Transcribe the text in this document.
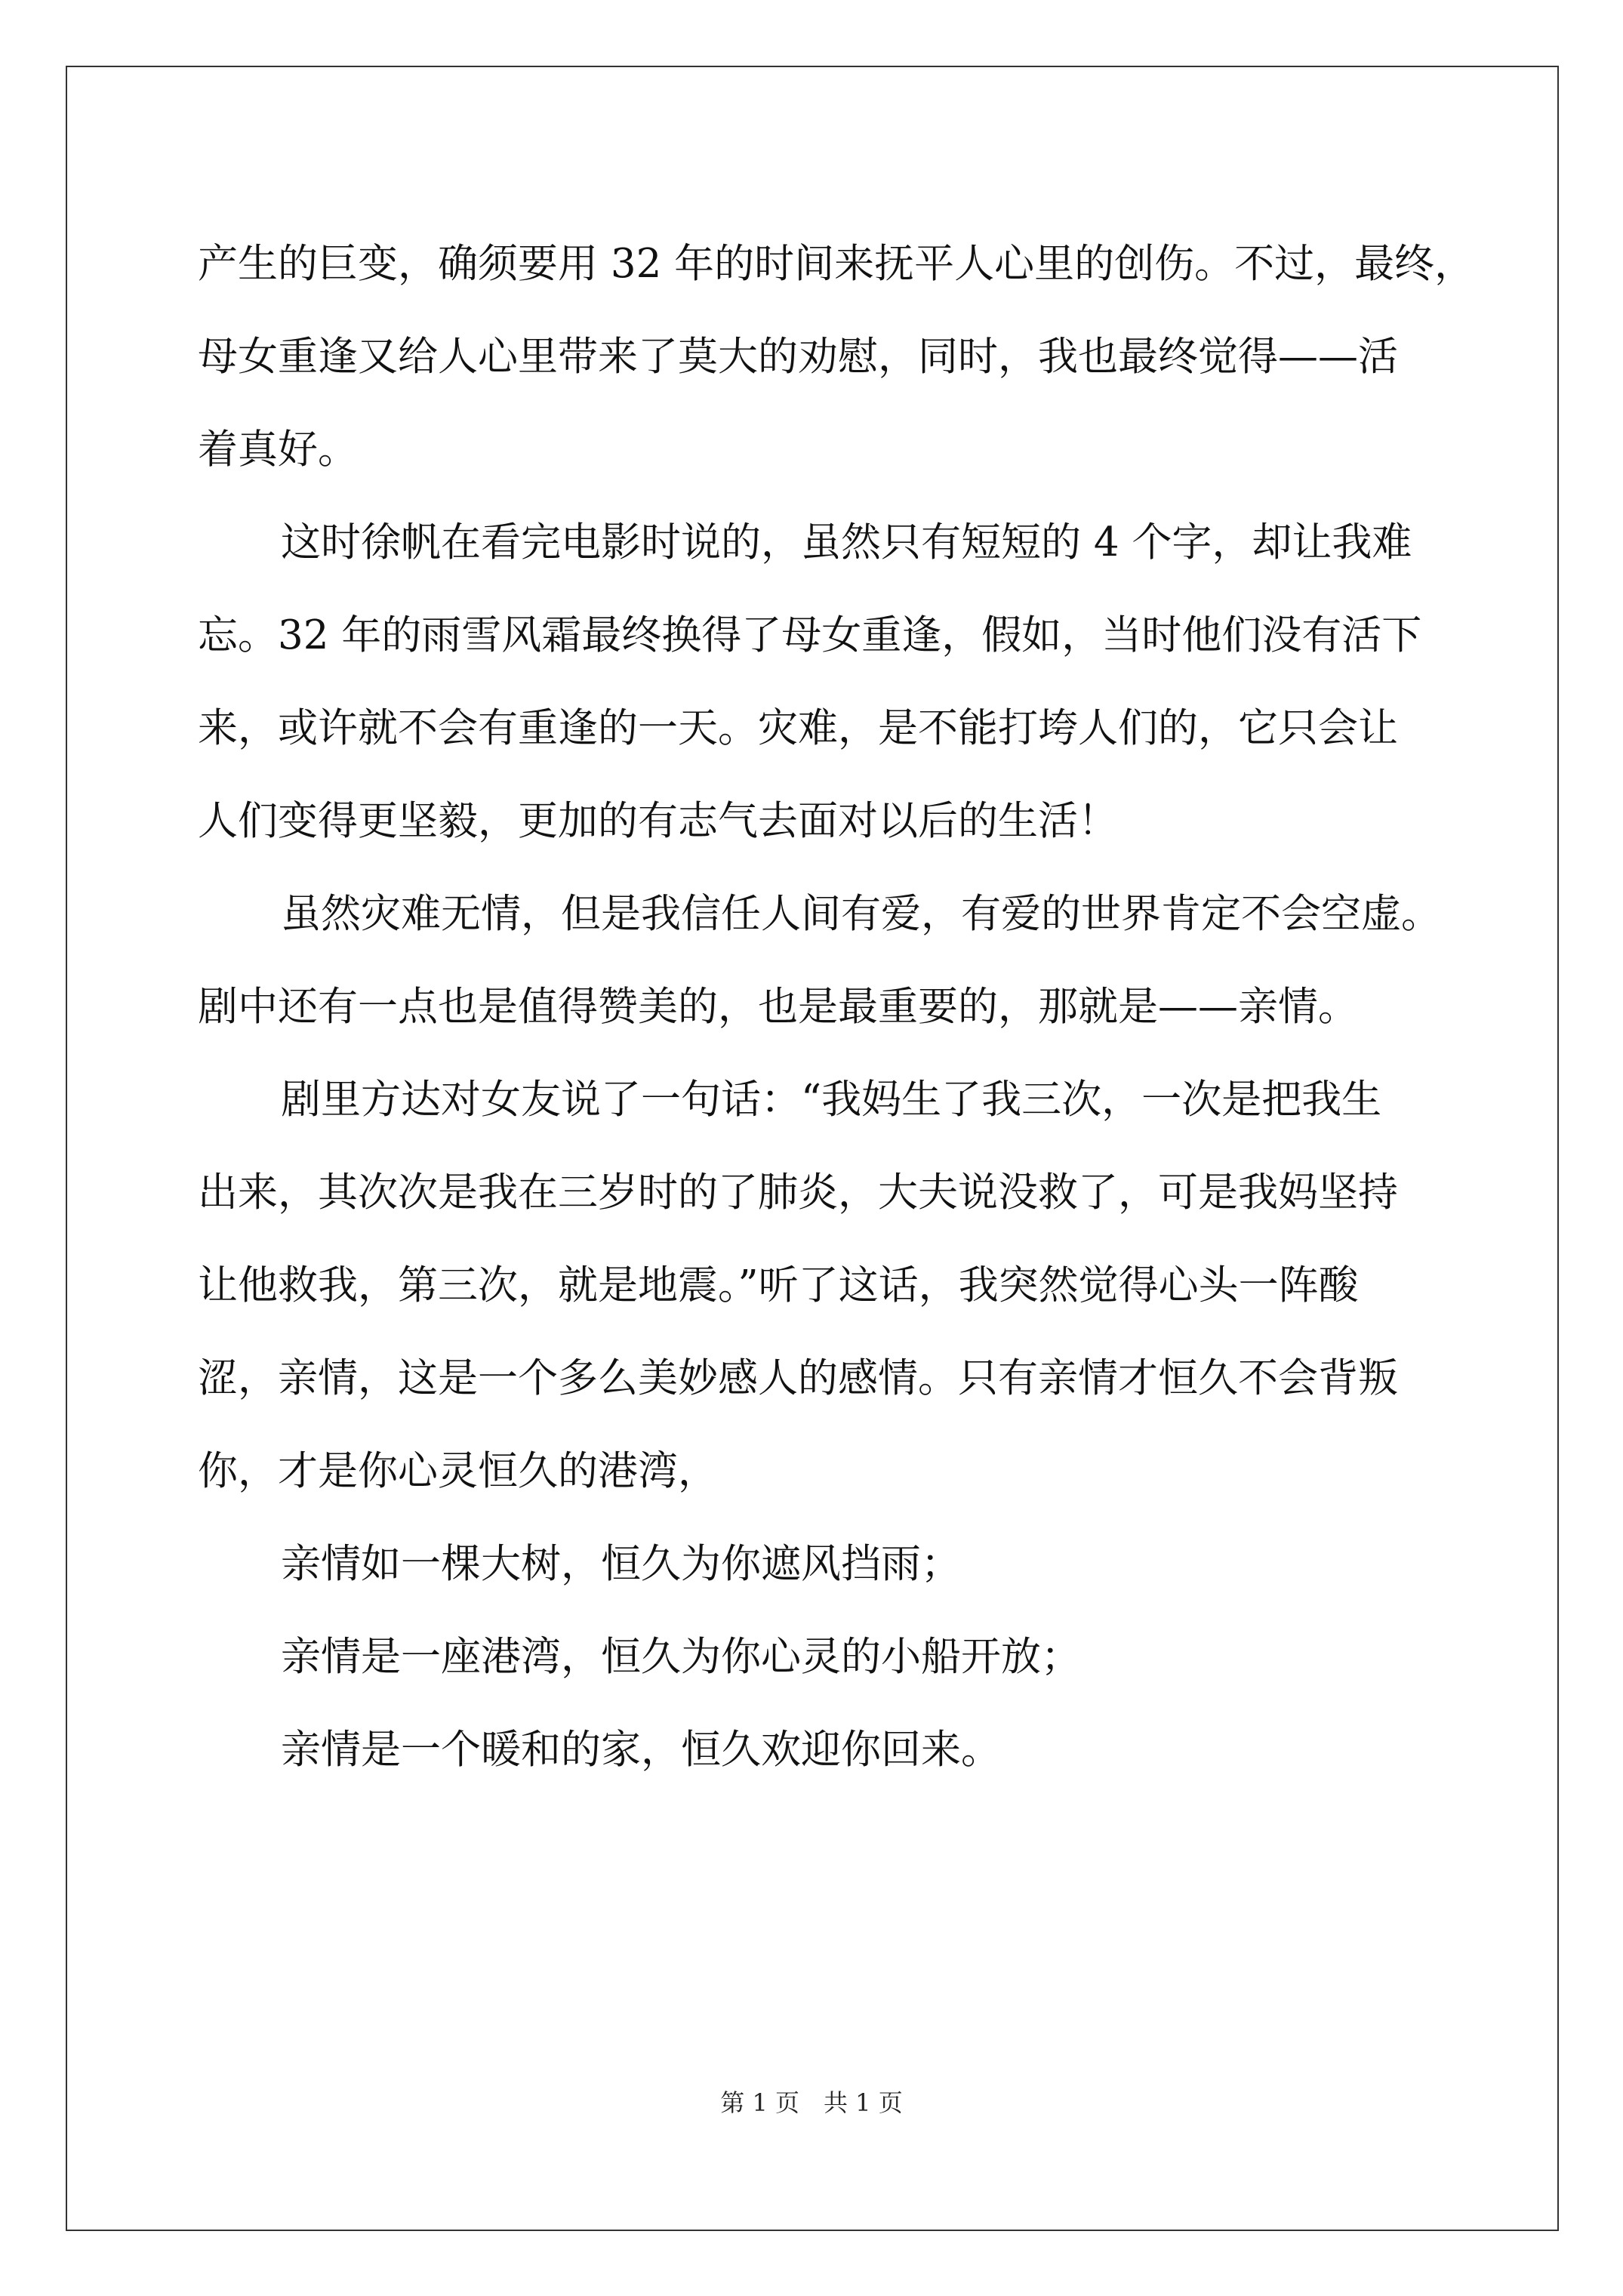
产生的巨变，确须要用 32 年的时间来抚平人心里的创伤。不过，最终，
母女重逢又给人心里带来了莫大的劝慰，同时，我也最终觉得——活
着真好。
这时徐帆在看完电影时说的，虽然只有短短的 4 个字，却让我难
忘。32 年的雨雪风霜最终换得了母女重逢，假如，当时他们没有活下
来，或许就不会有重逢的一天。灾难，是不能打垮人们的，它只会让
人们变得更坚毅，更加的有志气去面对以后的生活！
虽然灾难无情，但是我信任人间有爱，有爱的世界肯定不会空虚。
剧中还有一点也是值得赞美的，也是最重要的，那就是——亲情。
剧里方达对女友说了一句话：“我妈生了我三次，一次是把我生
出来，其次次是我在三岁时的了肺炎，大夫说没救了，可是我妈坚持
让他救我，第三次，就是地震。”听了这话，我突然觉得心头一阵酸
涩，亲情，这是一个多么美妙感人的感情。只有亲情才恒久不会背叛
你，才是你心灵恒久的港湾，
亲情如一棵大树，恒久为你遮风挡雨；
亲情是一座港湾，恒久为你心灵的小船开放；
亲情是一个暖和的家，恒久欢迎你回来。
第 1 页　共 1 页
